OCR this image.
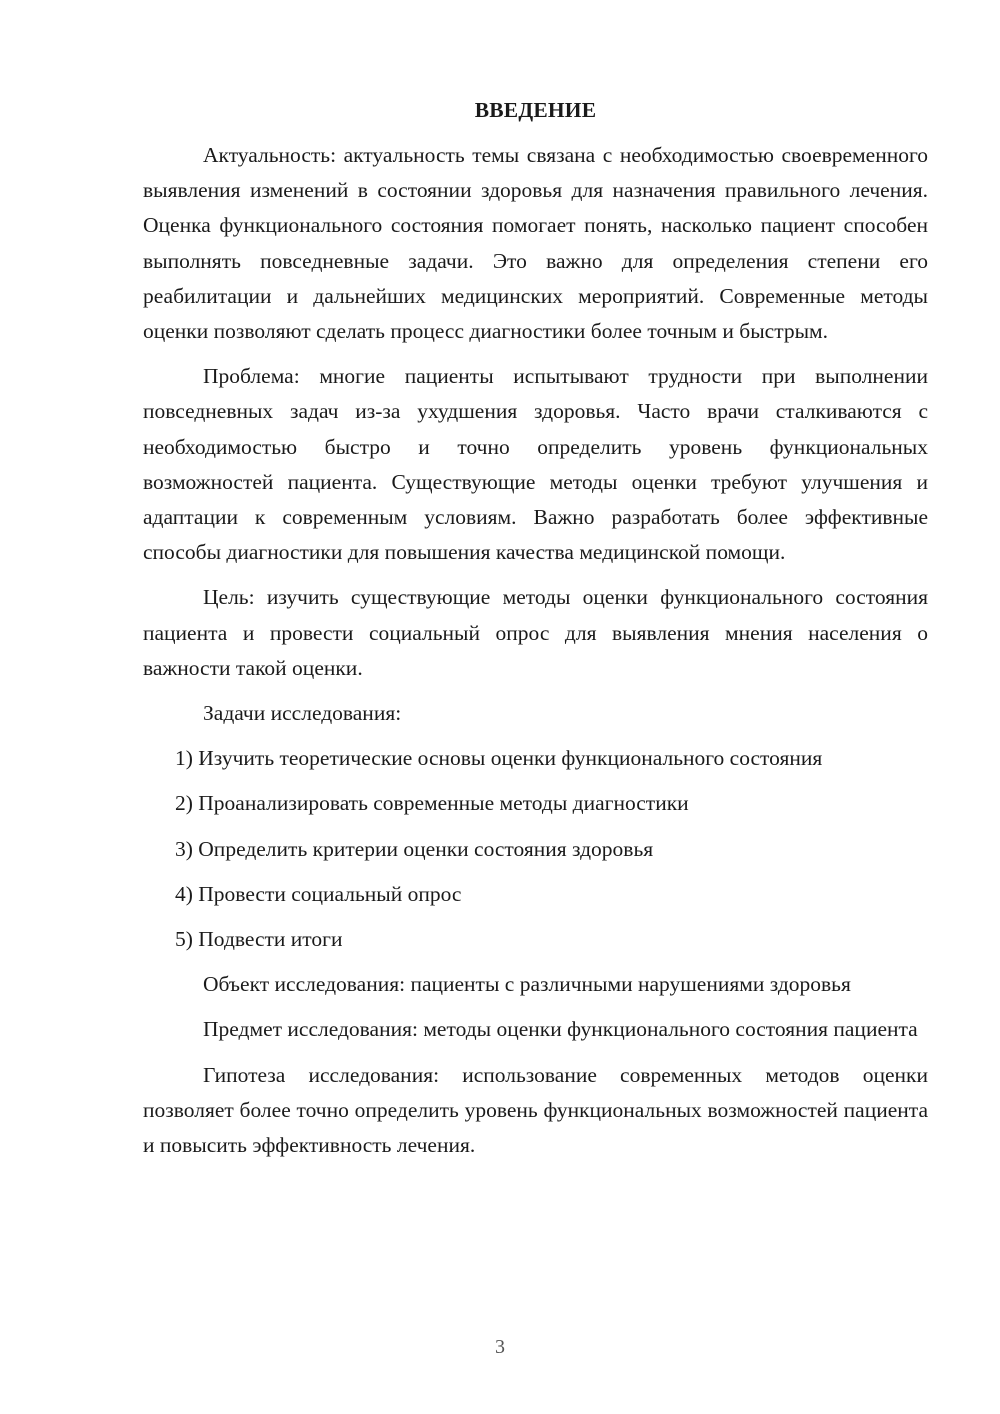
ВВЕДЕНИЕ

Актуальность: актуальность темы связана с необходимостью своевременного выявления изменений в состоянии здоровья для назначения правильного лечения. Оценка функционального состояния помогает понять, насколько пациент способен выполнять повседневные задачи. Это важно для определения степени его реабилитации и дальнейших медицинских мероприятий. Современные методы оценки позволяют сделать процесс диагностики более точным и быстрым.

Проблема: многие пациенты испытывают трудности при выполнении повседневных задач из-за ухудшения здоровья. Часто врачи сталкиваются с необходимостью быстро и точно определить уровень функциональных возможностей пациента. Существующие методы оценки требуют улучшения и адаптации к современным условиям. Важно разработать более эффективные способы диагностики для повышения качества медицинской помощи.

Цель: изучить существующие методы оценки функционального состояния пациента и провести социальный опрос для выявления мнения населения о важности такой оценки.

Задачи исследования:

1) Изучить теоретические основы оценки функционального состояния
2) Проанализировать современные методы диагностики
3) Определить критерии оценки состояния здоровья
4) Провести социальный опрос
5) Подвести итоги

Объект исследования: пациенты с различными нарушениями здоровья

Предмет исследования: методы оценки функционального состояния пациента

Гипотеза исследования: использование современных методов оценки позволяет более точно определить уровень функциональных возможностей пациента и повысить эффективность лечения.

3
